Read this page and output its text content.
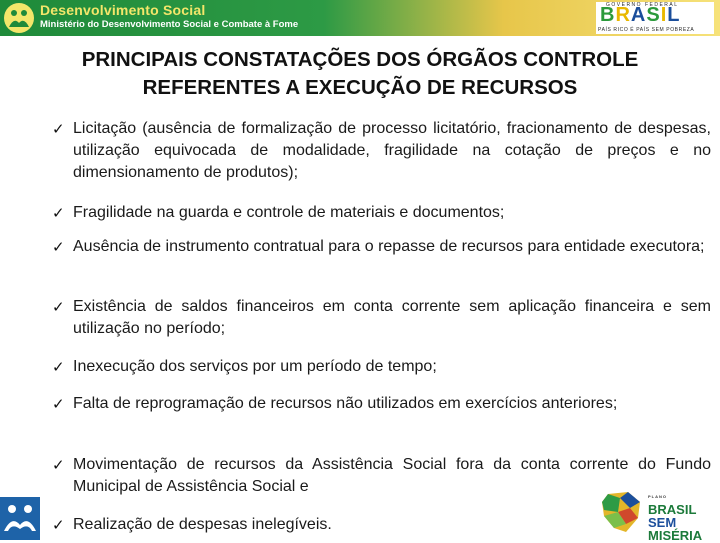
Desenvolvimento Social
Ministério do Desenvolvimento Social e Combate à Fome
GOVERNO FEDERAL
BRASIL
PAÍS RICO É PAÍS SEM POBREZA
PRINCIPAIS CONSTATAÇÕES DOS ÓRGÃOS CONTROLE
REFERENTES A EXECUÇÃO DE RECURSOS
✓ Licitação (ausência de formalização de processo licitatório, fracionamento de despesas, utilização equivocada de modalidade, fragilidade na cotação de preços e no dimensionamento de produtos);
✓ Fragilidade na guarda e controle de materiais e documentos;
✓ Ausência de instrumento contratual para o repasse de recursos para entidade executora;
✓ Existência de saldos financeiros em conta corrente sem aplicação financeira e sem utilização no período;
✓ Inexecução dos serviços por um período de tempo;
✓ Falta de reprogramação de recursos não utilizados em exercícios anteriores;
✓ Movimentação de recursos da Assistência Social fora da conta corrente do Fundo Municipal de Assistência Social e
✓ Realização de despesas inelegíveis.
PLANO
BRASIL
SEM
MISÉRIA
